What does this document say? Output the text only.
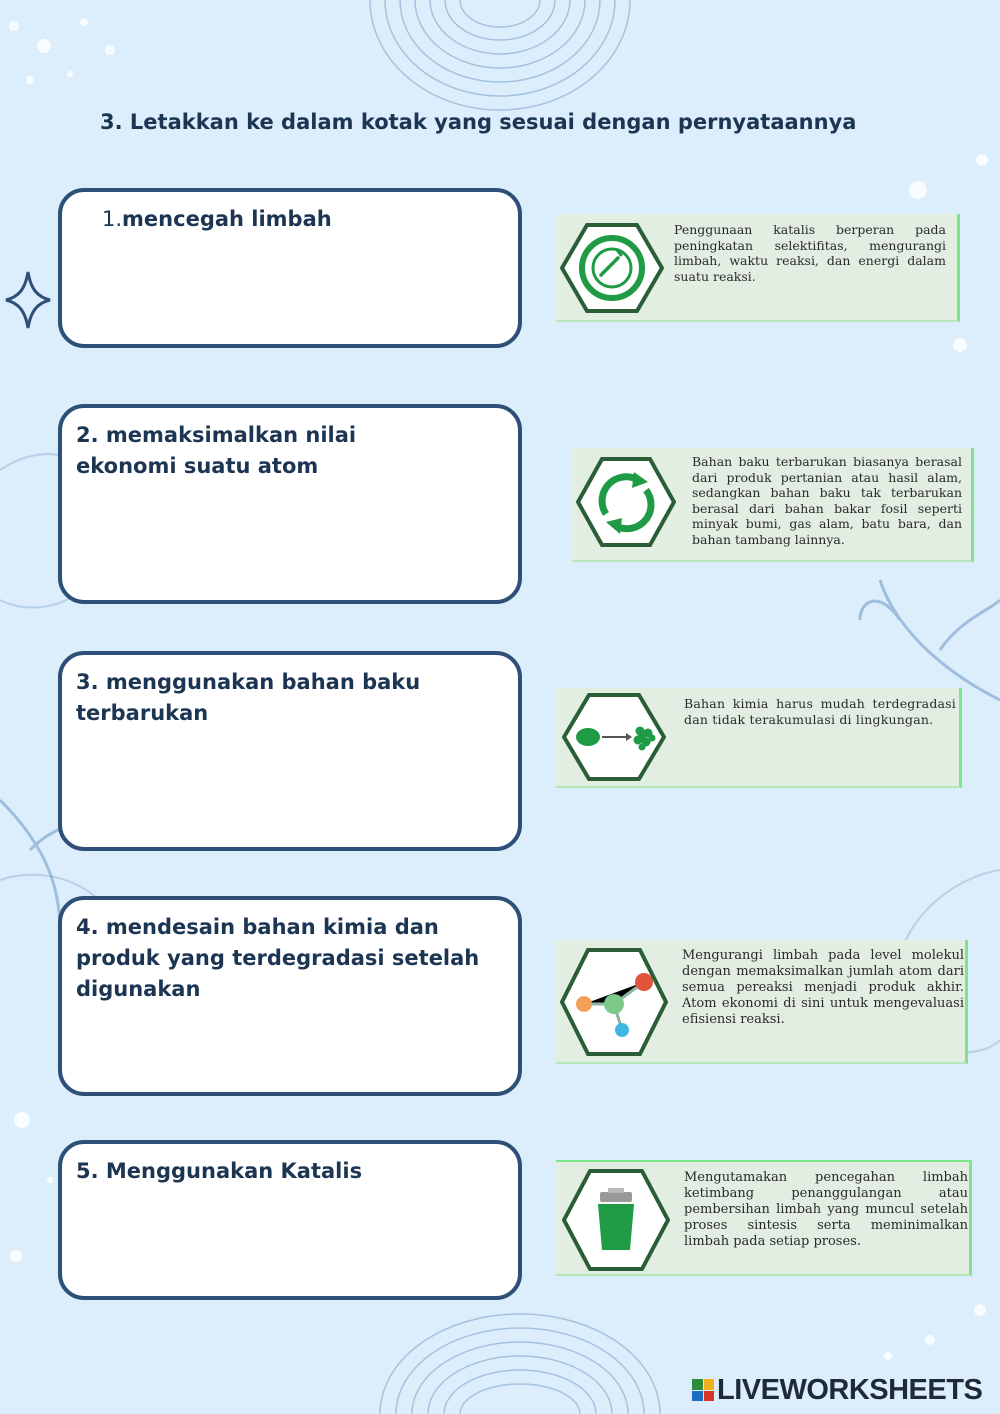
3. Letakkan ke dalam kotak yang sesuai dengan pernyataannya
1.mencegah limbah
2. memaksimalkan nilai
ekonomi suatu atom
3. menggunakan bahan baku
terbarukan
4. mendesain bahan kimia dan
produk yang terdegradasi setelah
digunakan
5. Menggunakan Katalis
Penggunaan katalis berperan pada peningkatan selektifitas, mengurangi limbah, waktu reaksi, dan energi dalam suatu reaksi.
Bahan baku terbarukan biasanya berasal dari produk pertanian atau hasil alam, sedangkan bahan baku tak terbarukan berasal dari bahan bakar fosil seperti minyak bumi, gas alam, batu bara, dan bahan tambang lainnya.
Bahan kimia harus mudah terdegradasi dan tidak terakumulasi di lingkungan.
Mengurangi limbah pada level molekul dengan memaksimalkan jumlah atom dari semua pereaksi menjadi produk akhir. Atom ekonomi di sini untuk mengevaluasi efisiensi reaksi.
Mengutamakan pencegahan limbah ketimbang penanggulangan atau pembersihan limbah yang muncul setelah proses sintesis serta meminimalkan limbah pada setiap proses.
LIVEWORKSHEETS
